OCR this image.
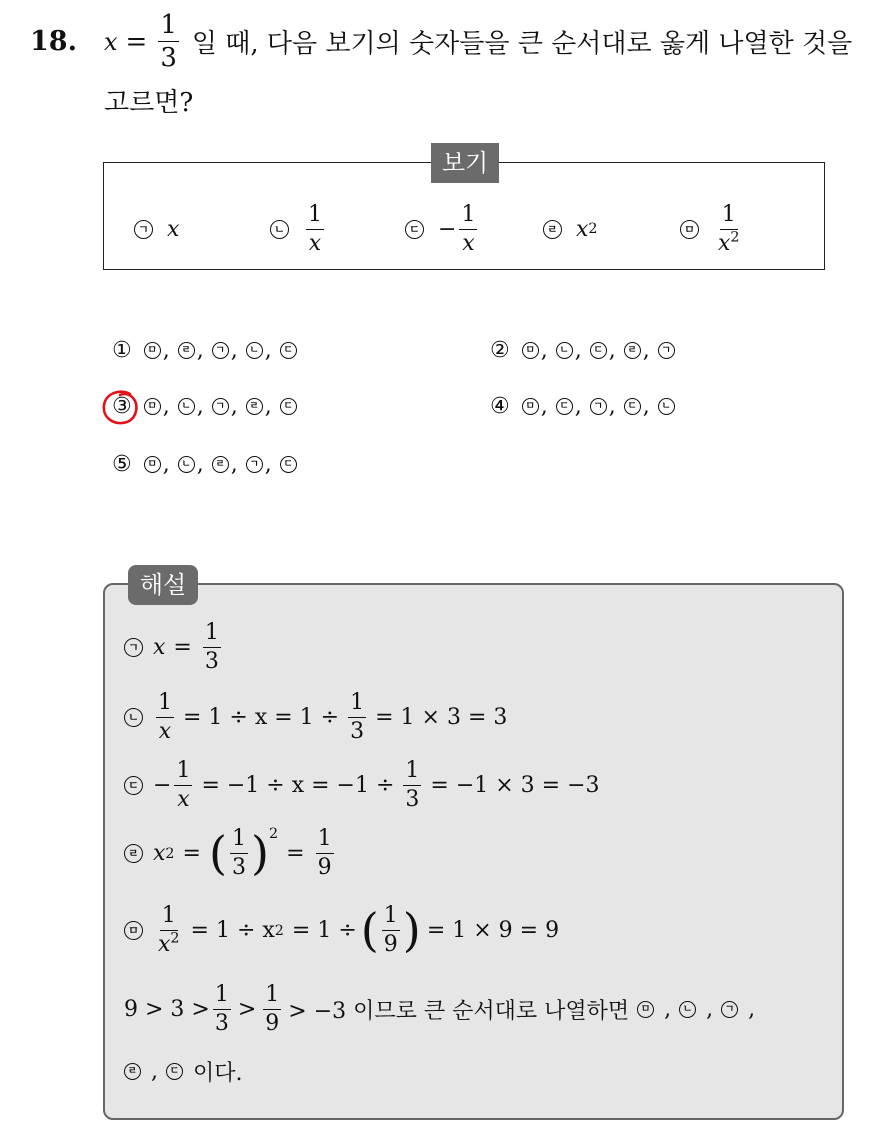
18. $x = \frac{1}{3}$ 일 때, 다음 보기의 숫자들을 큰 순서대로 옳게 나열한 것을
고르면?
보기
ㄱ x	ㄴ $\frac{1}{x}$	ㄷ − $\frac{1}{x}$	ㄹ x 2	ㅁ $\frac{1}{x^2}$
①	ㅁ ,	ㄹ ,	ㄱ ,	ㄴ ,	ㄷ	②	ㅁ ,	ㄴ ,	ㄷ ,	ㄹ ,	ㄱ
③	ㅁ ,	ㄴ ,	ㄱ ,	ㄹ ,	ㄷ	④	ㅁ ,	ㄷ ,	ㄱ ,	ㄷ ,	ㄴ
⑤	ㅁ ,	ㄴ ,	ㄹ ,	ㄱ ,	ㄷ
해설
ㄱ $x = \frac{1}{3}$
ㄴ $\frac{1}{x} = 1 \div x = 1 \div \frac{1}{3} = 1 \times 3 = 3$
ㄷ − $\frac{1}{x} = -1 \div x = -1 \div \frac{1}{3} = -1 \times 3 = -3$
ㄹ x 2 = ( $\frac{1}{3}$ ) 2
= $\frac{1}{9}$
ㅁ $\frac{1}{x^2} = 1 \div x$ 2 = 1 ÷ ( $\frac{1}{9}$ ) = 1 × 9 = 9
$9 > 3 > \frac{1}{3} > \frac{1}{9} > -3$ 이므로 큰 순서대로 나열하면	ㅁ ,	ㄴ ,	ㄱ ,
ㄹ ,	ㄷ 이다.
